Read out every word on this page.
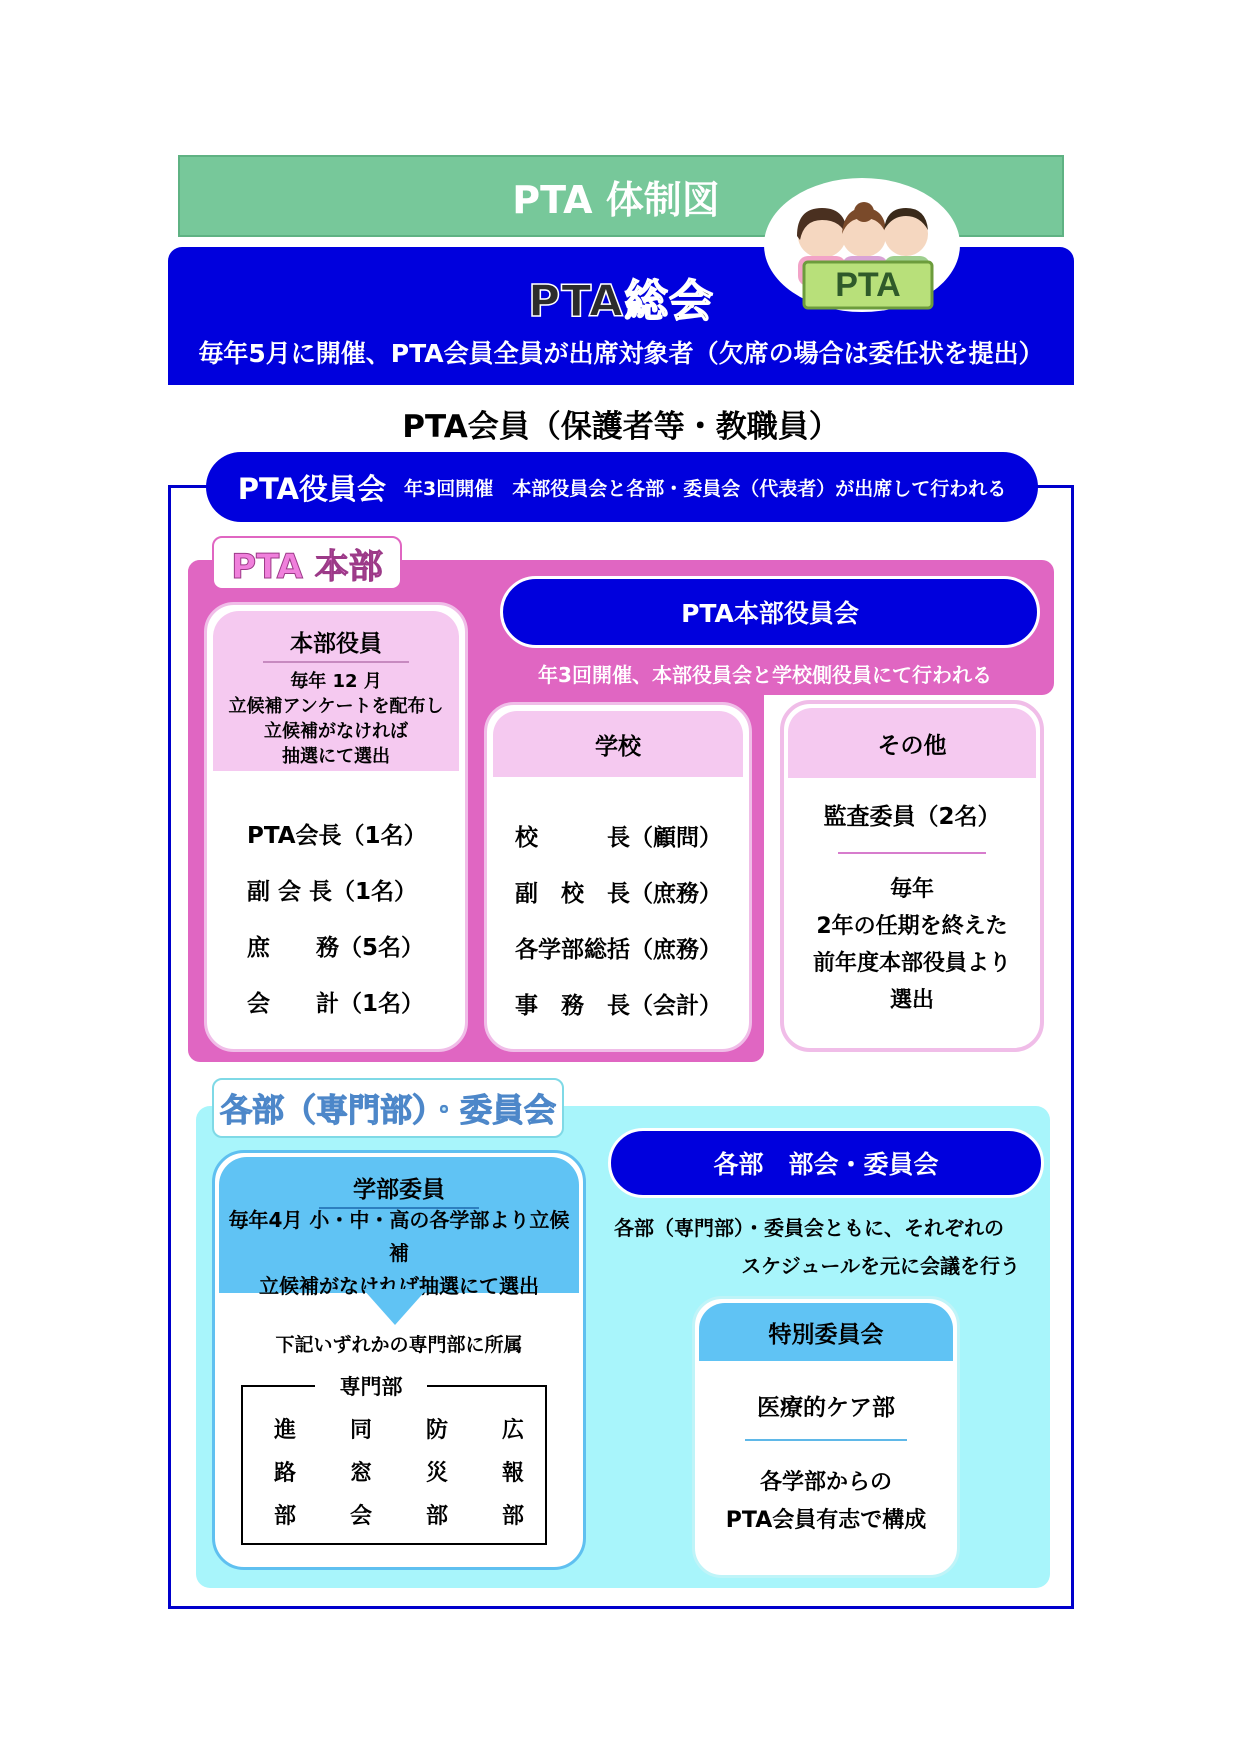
PTA 体制図
PTA総会
毎年5月に開催、PTA会員全員が出席対象者（欠席の場合は委任状を提出）
PTA
PTA会員（保護者等・教職員）
PTA役員会 年3回開催　本部役員会と各部・委員会（代表者）が出席して行われる
PTA 本部
本部役員
毎年 12 月
立候補アンケートを配布し
立候補がなければ
抽選にて選出
PTA会長（1名）
副 会 長（1名）
庶　　務（5名）
会　　計（1名）
PTA本部役員会
年3回開催、本部役員会と学校側役員にて行われる
学校
校　　　長（顧問）
副　校　長（庶務）
各学部総括（庶務）
事　務　長（会計）
その他
監査委員（2名）
毎年
2年の任期を終えた
前年度本部役員より
選出
各部（専門部）・委員会
学部委員
毎年4月 小・中・高の各学部より立候補
立候補がなければ抽選にて選出
下記いずれかの専門部に所属
進
路
部
同
窓
会
防
災
部
広
報
部
専門部
各部　部会・委員会
各部（専門部）・委員会ともに、それぞれの
スケジュールを元に会議を行う
特別委員会
医療的ケア部
各学部からの
PTA会員有志で構成
